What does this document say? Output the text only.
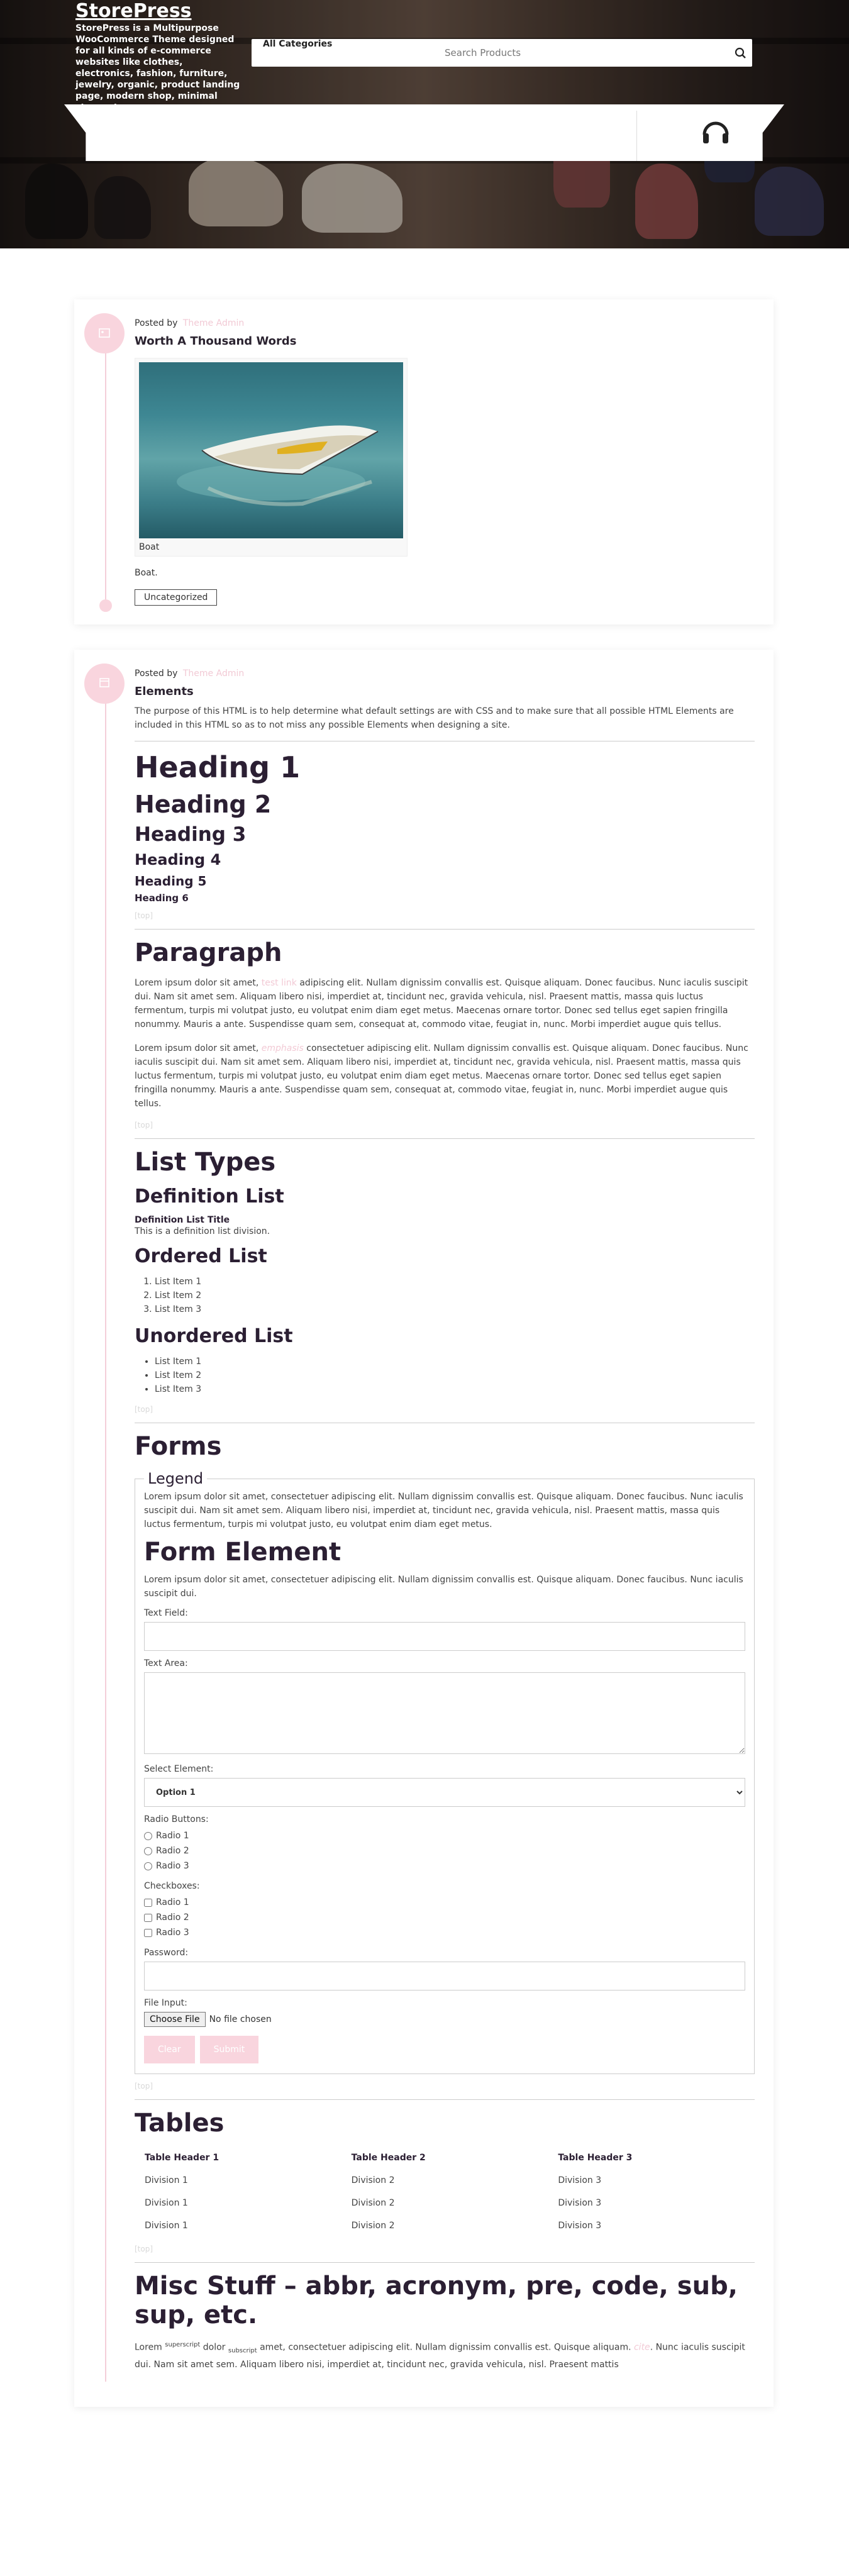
StorePress
StorePress is a Multipurpose WooCommerce Theme designed for all kinds of e-commerce websites like clothes, electronics, fashion, furniture, jewelry, organic, product landing page, modern shop, minimal
All Categories
Search Products
Posted by Theme Admin
Worth A Thousand Words
Boat

Boat.

Uncategorized
Posted by Theme Admin
Elements

The purpose of this HTML is to help determine what default settings are with CSS and to make sure that all possible HTML Elements are included in this HTML so as to not miss any possible Elements when designing a site.

Heading 1
Heading 2
Heading 3
Heading 4
Heading 5
Heading 6
[top]
Paragraph

Lorem ipsum dolor sit amet, test link adipiscing elit. Nullam dignissim convallis est. Quisque aliquam. Donec faucibus. Nunc iaculis suscipit dui. Nam sit amet sem. Aliquam libero nisi, imperdiet at, tincidunt nec, gravida vehicula, nisl. Praesent mattis, massa quis luctus fermentum, turpis mi volutpat justo, eu volutpat enim diam eget metus. Maecenas ornare tortor. Donec sed tellus eget sapien fringilla nonummy. Mauris a ante. Suspendisse quam sem, consequat at, commodo vitae, feugiat in, nunc. Morbi imperdiet augue quis tellus.

Lorem ipsum dolor sit amet, emphasis consectetuer adipiscing elit. Nullam dignissim convallis est. Quisque aliquam. Donec faucibus. Nunc iaculis suscipit dui. Nam sit amet sem. Aliquam libero nisi, imperdiet at, tincidunt nec, gravida vehicula, nisl. Praesent mattis, massa quis luctus fermentum, turpis mi volutpat justo, eu volutpat enim diam eget metus. Maecenas ornare tortor. Donec sed tellus eget sapien fringilla nonummy. Mauris a ante. Suspendisse quam sem, consequat at, commodo vitae, feugiat in, nunc. Morbi imperdiet augue quis tellus.

[top]
List Types
Definition List
Definition List Title
This is a definition list division.
Ordered List
1. List Item 1
2. List Item 2
3. List Item 3
Unordered List
• List Item 1
• List Item 2
• List Item 3
[top]
Forms
Legend

Lorem ipsum dolor sit amet, consectetuer adipiscing elit. Nullam dignissim convallis est. Quisque aliquam. Donec faucibus. Nunc iaculis suscipit dui. Nam sit amet sem. Aliquam libero nisi, imperdiet at, tincidunt nec, gravida vehicula, nisl. Praesent mattis, massa quis luctus fermentum, turpis mi volutpat justo, eu volutpat enim diam eget metus.

Form Element

Lorem ipsum dolor sit amet, consectetuer adipiscing elit. Nullam dignissim convallis est. Quisque aliquam. Donec faucibus. Nunc iaculis suscipit dui.

Text Field:
Text Area:
Select Element:
Option 1
Radio Buttons:
Radio 1
Radio 2
Radio 3
Checkboxes:
Radio 1
Radio 2
Radio 3
Password:
File Input:
Choose File	No file chosen
Clear	Submit
[top]
Tables
Table Header 1	Table Header 2	Table Header 3
Division 1	Division 2	Division 3
Division 1	Division 2	Division 3
Division 1	Division 2	Division 3
[top]
Misc Stuff – abbr, acronym, pre, code, sub, sup, etc.

Lorem $^{superscript}$ dolor $_{subscript}$ amet, consectetuer adipiscing elit. Nullam dignissim convallis est. Quisque aliquam. cite. Nunc iaculis suscipit dui. Nam sit amet sem. Aliquam libero nisi, imperdiet at, tincidunt nec, gravida vehicula, nisl. Praesent mattis
